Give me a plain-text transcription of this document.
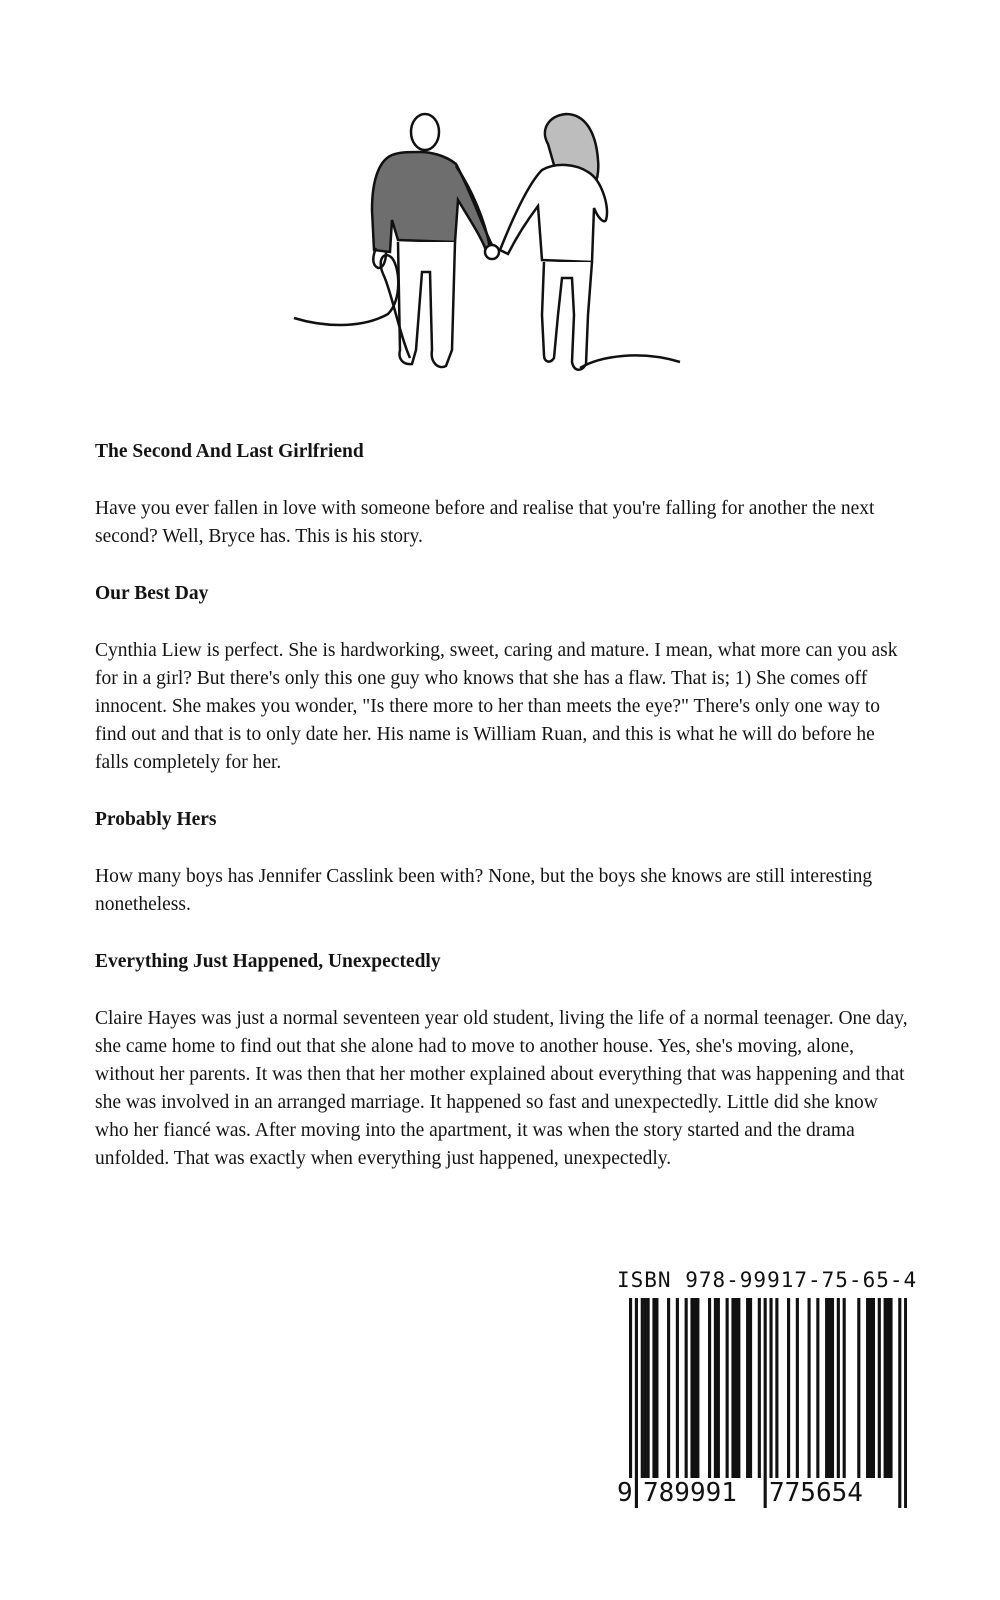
The Second And Last Girlfriend
Have you ever fallen in love with someone before and realise that you're falling for another the next second? Well, Bryce has. This is his story.
Our Best Day
Cynthia Liew is perfect. She is hardworking, sweet, caring and mature. I mean, what more can you ask for in a girl? But there's only this one guy who knows that she has a flaw. That is; 1) She comes off innocent. She makes you wonder, "Is there more to her than meets the eye?" There's only one way to find out and that is to only date her. His name is William Ruan, and this is what he will do before he falls completely for her.
Probably Hers
How many boys has Jennifer Casslink been with? None, but the boys she knows are still interesting nonetheless.
Everything Just Happened, Unexpectedly
Claire Hayes was just a normal seventeen year old student, living the life of a normal teenager. One day, she came home to find out that she alone had to move to another house. Yes, she's moving, alone, without her parents. It was then that her mother explained about everything that was happening and that she was involved in an arranged marriage. It happened so fast and unexpectedly. Little did she know who her fiancé was. After moving into the apartment, it was when the story started and the drama unfolded. That was exactly when everything just happened, unexpectedly.
ISBN 978-99917-75-65-4
9 789991 775654
